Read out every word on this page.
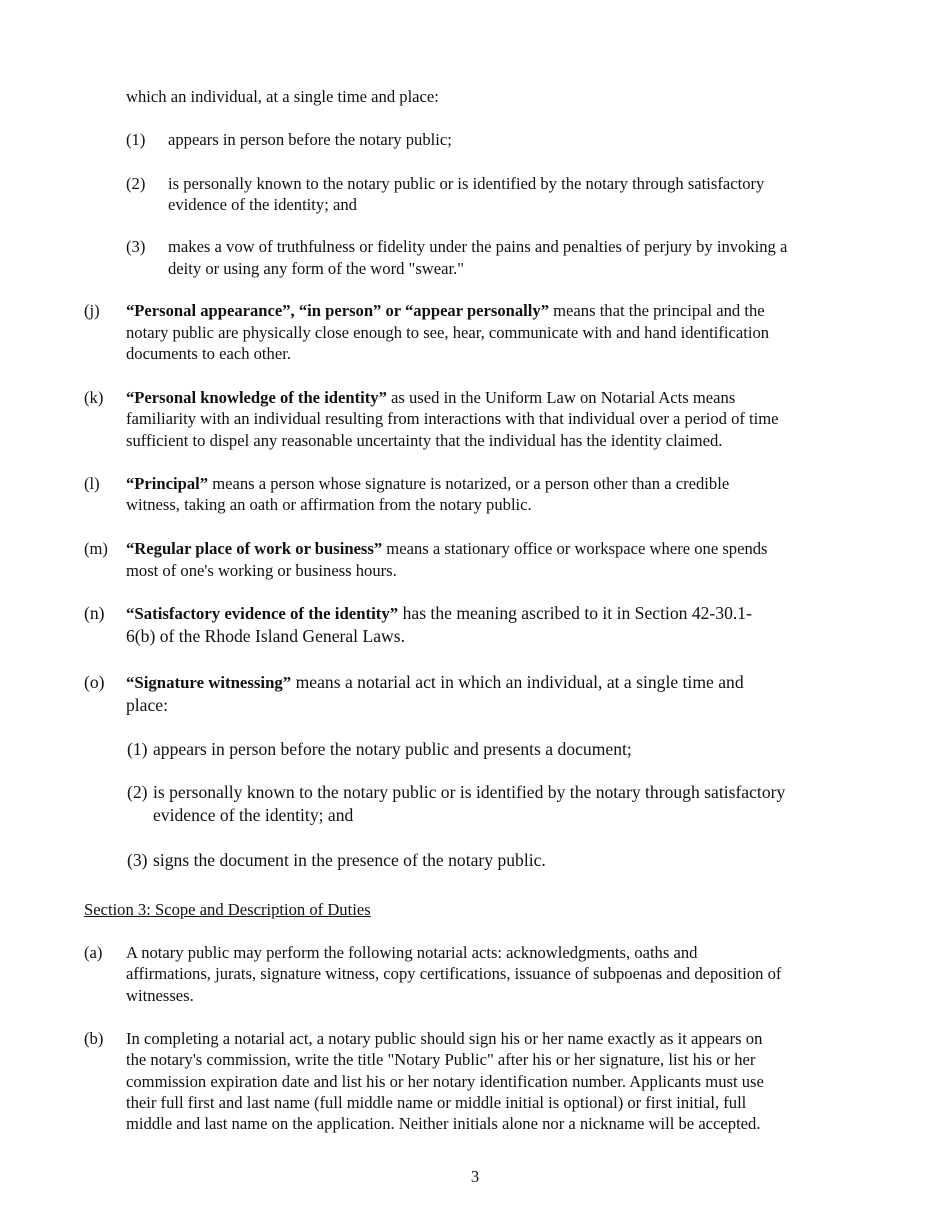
which an individual, at a single time and place:

(1) appears in person before the notary public;

(2) is personally known to the notary public or is identified by the notary through satisfactory

evidence of the identity; and

(3) makes a vow of truthfulness or fidelity under the pains and penalties of perjury by invoking a

deity or using any form of the word "swear."

(j) “Personal appearance”, “in person” or “appear personally” means that the principal and the

notary public are physically close enough to see, hear, communicate with and hand identification

documents to each other.

(k) “Personal knowledge of the identity” as used in the Uniform Law on Notarial Acts means

familiarity with an individual resulting from interactions with that individual over a period of time

sufficient to dispel any reasonable uncertainty that the individual has the identity claimed.

(l) “Principal” means a person whose signature is notarized, or a person other than a credible

witness, taking an oath or affirmation from the notary public.

(m) “Regular place of work or business” means a stationary office or workspace where one spends

most of one's working or business hours.

(n) “Satisfactory evidence of the identity” has the meaning ascribed to it in Section 42-30.1-

6(b) of the Rhode Island General Laws.

(o) “Signature witnessing” means a notarial act in which an individual, at a single time and

place:

(1) appears in person before the notary public and presents a document;

(2) is personally known to the notary public or is identified by the notary through satisfactory

evidence of the identity; and

(3) signs the document in the presence of the notary public.

Section 3: Scope and Description of Duties

(a) A notary public may perform the following notarial acts: acknowledgments, oaths and

affirmations, jurats, signature witness, copy certifications, issuance of subpoenas and deposition of

witnesses.

(b) In completing a notarial act, a notary public should sign his or her name exactly as it appears on

the notary's commission, write the title "Notary Public" after his or her signature, list his or her

commission expiration date and list his or her notary identification number. Applicants must use

their full first and last name (full middle name or middle initial is optional) or first initial, full

middle and last name on the application. Neither initials alone nor a nickname will be accepted.

3
